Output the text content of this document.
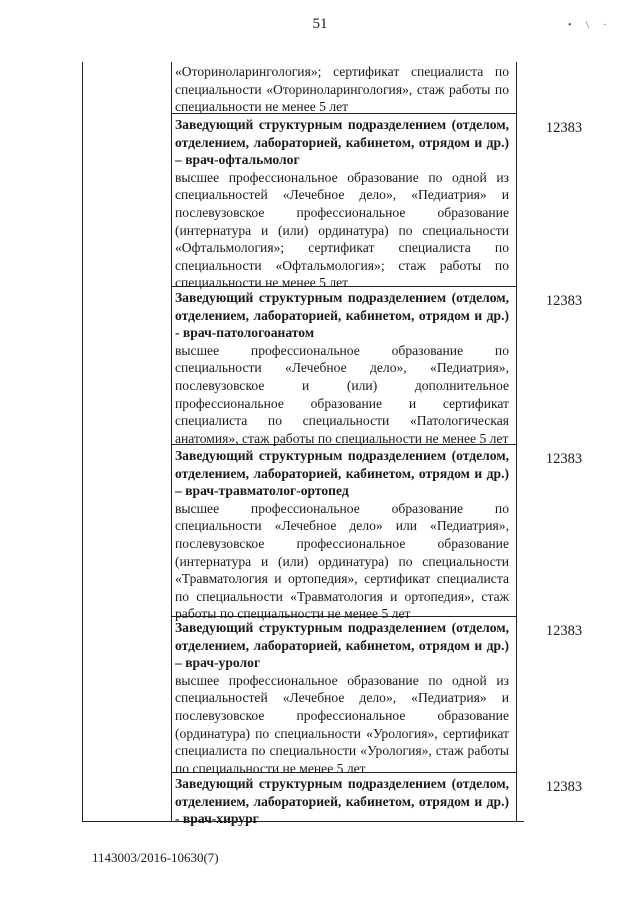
51	• \ ·
«Оториноларингология»; сертификат специалиста по специальности «Оториноларингология», стаж работы по специальности не менее 5 лет
Заведующий структурным подразделением (отделом, отделением, лабораторией, кабинетом, отрядом и др.) – врач-офтальмолог
высшее профессиональное образование по одной из специальностей «Лечебное дело», «Педиатрия» и послевузовское профессиональное образование (интернатура и (или) ординатура) по специальности «Офтальмология»; сертификат специалиста по специальности «Офтальмология»; стаж работы по специальности не менее 5 лет
12383
Заведующий структурным подразделением (отделом, отделением, лабораторией, кабинетом, отрядом и др.) - врач-патологоанатом
высшее профессиональное образование по специальности «Лечебное дело», «Педиатрия», послевузовское и (или) дополнительное профессиональное образование и сертификат специалиста по специальности «Патологическая анатомия», стаж работы по специальности не менее 5 лет
12383
Заведующий структурным подразделением (отделом, отделением, лабораторией, кабинетом, отрядом и др.) – врач-травматолог-ортопед
высшее профессиональное образование по специальности «Лечебное дело» или «Педиатрия», послевузовское профессиональное образование (интернатура и (или) ординатура) по специальности «Травматология и ортопедия», сертификат специалиста по специальности «Травматология и ортопедия», стаж работы по специальности не менее 5 лет
12383
Заведующий структурным подразделением (отделом, отделением, лабораторией, кабинетом, отрядом и др.) – врач-уролог
высшее профессиональное образование по одной из специальностей «Лечебное дело», «Педиатрия» и послевузовское профессиональное образование (ординатура) по специальности «Урология», сертификат специалиста по специальности «Урология», стаж работы по специальности не менее 5 лет
12383
Заведующий структурным подразделением (отделом, отделением, лабораторией, кабинетом, отрядом и др.) - врач-хирург
12383
1143003/2016-10630(7)
